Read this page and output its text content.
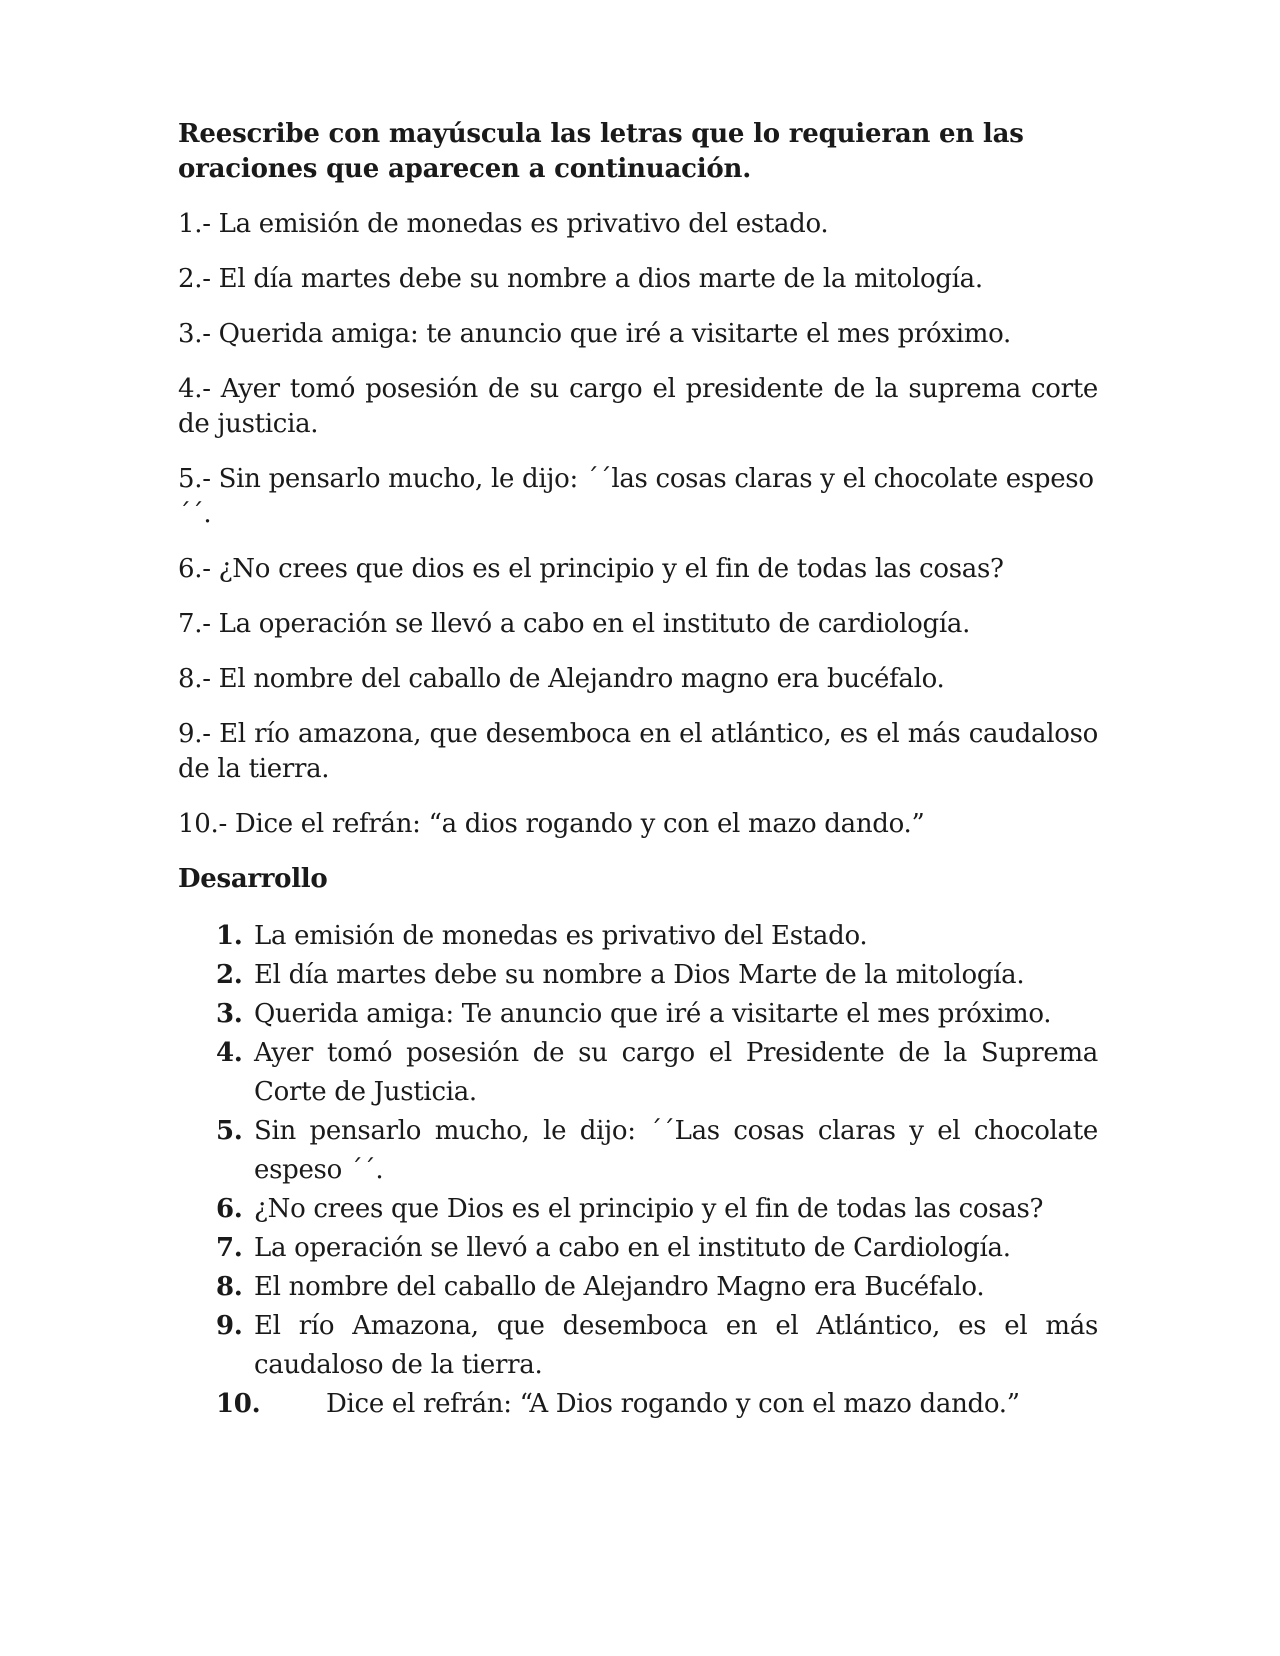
Reescribe con mayúscula las letras que lo requieran en las oraciones que aparecen a continuación.

1.- La emisión de monedas es privativo del estado.

2.- El día martes debe su nombre a dios marte de la mitología.

3.- Querida amiga: te anuncio que iré a visitarte el mes próximo.

4.- Ayer tomó posesión de su cargo el presidente de la suprema corte de justicia.

5.- Sin pensarlo mucho, le dijo: ´´las cosas claras y el chocolate espeso´´.

6.- ¿No crees que dios es el principio y el fin de todas las cosas?

7.- La operación se llevó a cabo en el instituto de cardiología.

8.- El nombre del caballo de Alejandro magno era bucéfalo.

9.- El río amazona, que desemboca en el atlántico, es el más caudaloso de la tierra.

10.- Dice el refrán: “a dios rogando y con el mazo dando.”

Desarrollo

1. La emisión de monedas es privativo del Estado.
2. El día martes debe su nombre a Dios Marte de la mitología.
3. Querida amiga: Te anuncio que iré a visitarte el mes próximo.
4. Ayer tomó posesión de su cargo el Presidente de la Suprema Corte de Justicia.
5. Sin pensarlo mucho, le dijo: ´´Las cosas claras y el chocolate espeso ´´.
6. ¿No crees que Dios es el principio y el fin de todas las cosas?
7. La operación se llevó a cabo en el instituto de Cardiología.
8. El nombre del caballo de Alejandro Magno era Bucéfalo.
9. El río Amazona, que desemboca en el Atlántico, es el más caudaloso de la tierra.
10.	Dice el refrán: “A Dios rogando y con el mazo dando.”
